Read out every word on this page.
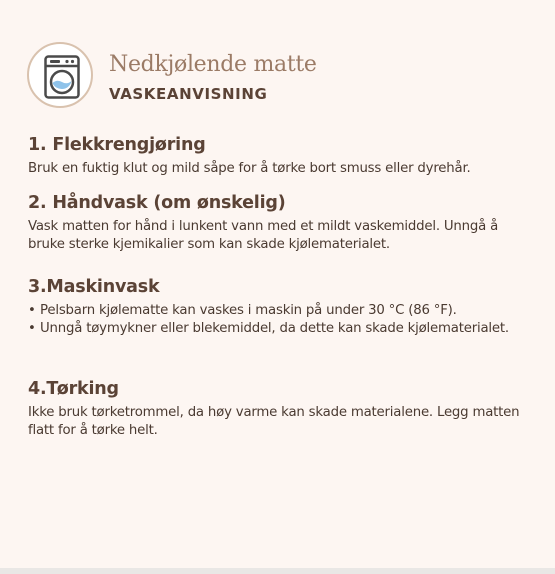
Nedkjølende matte
VASKEANVISNING
1. Flekkrengjøring

Bruk en fuktig klut og mild såpe for å tørke bort smuss eller dyrehår.

2. Håndvask (om ønskelig)

Vask matten for hånd i lunkent vann med et mildt vaskemiddel. Unngå å bruke sterke kjemikalier som kan skade kjølematerialet.

3.Maskinvask
• Pelsbarn kjølematte kan vaskes i maskin på under 30 °C (86 °F).
• Unngå tøymykner eller blekemiddel, da dette kan skade kjølematerialet.
4.Tørking

Ikke bruk tørketrommel, da høy varme kan skade materialene. Legg matten flatt for å tørke helt.
